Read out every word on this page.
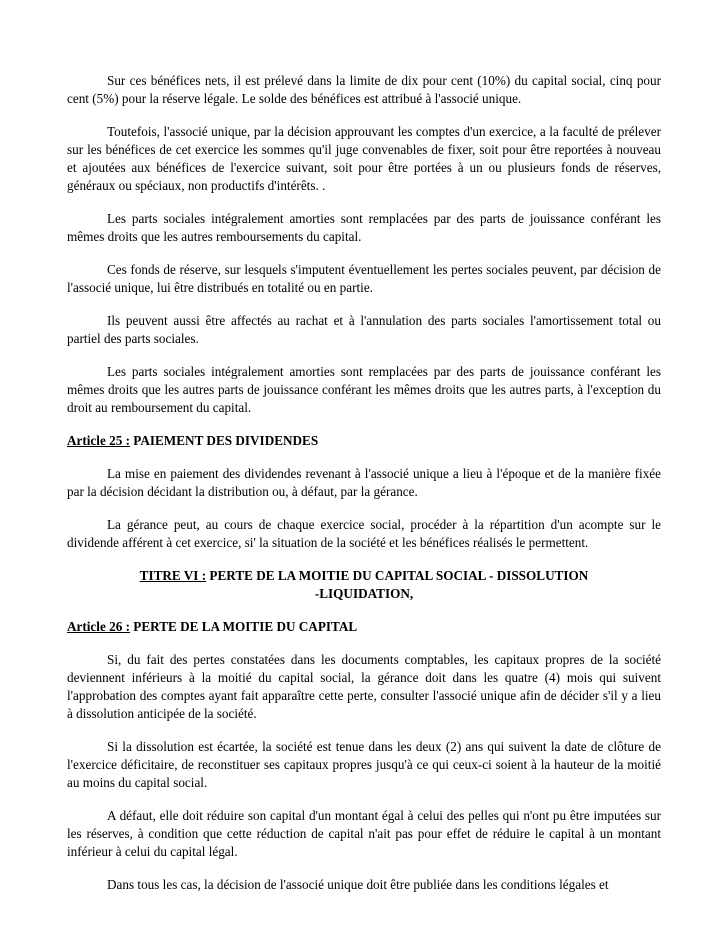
Sur ces bénéfices nets, il est prélevé dans la limite de dix pour cent (10%) du capital social, cinq pour cent (5%) pour la réserve légale. Le solde des bénéfices est attribué à l'associé unique.

Toutefois, l'associé unique, par la décision approuvant les comptes d'un exercice, a la faculté de prélever sur les bénéfices de cet exercice les sommes qu'il juge convenables de fixer, soit pour être reportées à nouveau et ajoutées aux bénéfices de l'exercice suivant, soit pour être portées à un ou plusieurs fonds de réserves, généraux ou spéciaux, non productifs d'intérêts. .

Les parts sociales intégralement amorties sont remplacées par des parts de jouissance conférant les mêmes droits que les autres remboursements du capital.

Ces fonds de réserve, sur lesquels s'imputent éventuellement les pertes sociales peuvent, par décision de l'associé unique, lui être distribués en totalité ou en partie.

Ils peuvent aussi être affectés au rachat et à l'annulation des parts sociales l'amortissement total ou partiel des parts sociales.

Les parts sociales intégralement amorties sont remplacées par des parts de jouissance conférant les mêmes droits que les autres parts de jouissance conférant les mêmes droits que les autres parts, à l'exception du droit au remboursement du capital.

Article 25 : PAIEMENT DES DIVIDENDES

La mise en paiement des dividendes revenant à l'associé unique a lieu à l'époque et de la manière fixée par la décision décidant la distribution ou, à défaut, par la gérance.

La gérance peut, au cours de chaque exercice social, procéder à la répartition d'un acompte sur le dividende afférent à cet exercice, si' la situation de la société et les bénéfices réalisés le permettent.

TITRE VI : PERTE DE LA MOITIE DU CAPITAL SOCIAL - DISSOLUTION
-LIQUIDATION,

Article 26 : PERTE DE LA MOITIE DU CAPITAL

Si, du fait des pertes constatées dans les documents comptables, les capitaux propres de la société deviennent inférieurs à la moitié du capital social, la gérance doit dans les quatre (4) mois qui suivent l'approbation des comptes ayant fait apparaître cette perte, consulter l'associé unique afin de décider s'il y a lieu à dissolution anticipée de la société.

Si la dissolution est écartée, la société est tenue dans les deux (2) ans qui suivent la date de clôture de l'exercice déficitaire, de reconstituer ses capitaux propres jusqu'à ce qui ceux-ci soient à la hauteur de la moitié au moins du capital social.

A défaut, elle doit réduire son capital d'un montant égal à celui des pelles qui n'ont pu être imputées sur les réserves, à condition que cette réduction de capital n'ait pas pour effet de réduire le capital à un montant inférieur à celui du capital légal.

Dans tous les cas, la décision de l'associé unique doit être publiée dans les conditions légales et
